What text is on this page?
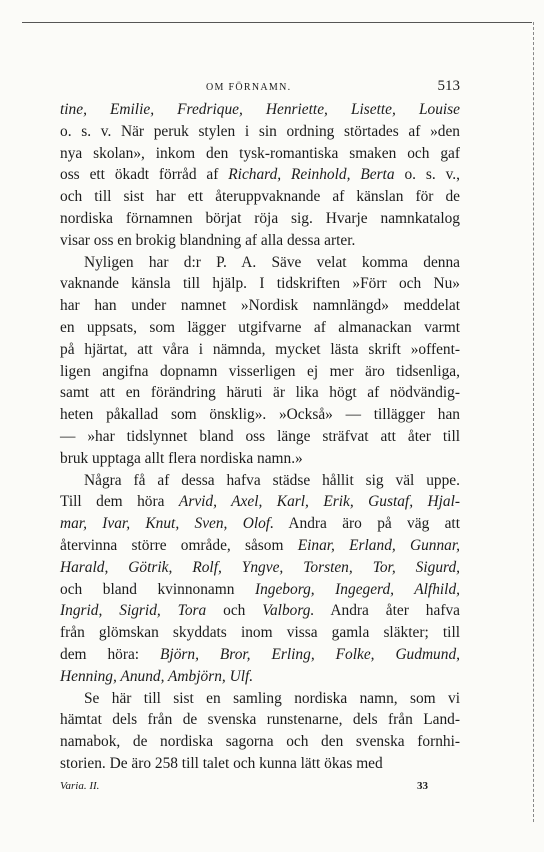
OM FÖRNAMN.	513
tine, Emilie, Fredrique, Henriette, Lisette, Louise
o. s. v. När peruk stylen i sin ordning störtades af »den
nya skolan», inkom den tysk-romantiska smaken och gaf
oss ett ökadt förråd af Richard, Reinhold, Berta o. s. v.,
och till sist har ett återuppvaknande af känslan för de
nordiska förnamnen börjat röja sig. Hvarje namnkatalog
visar oss en brokig blandning af alla dessa arter.
Nyligen har d:r P. A. Säve velat komma denna
vaknande känsla till hjälp. I tidskriften »Förr och Nu»
har han under namnet »Nordisk namnlängd» meddelat
en uppsats, som lägger utgifvarne af almanackan varmt
på hjärtat, att våra i nämnda, mycket lästa skrift »offent-
ligen angifna dopnamn visserligen ej mer äro tidsenliga,
samt att en förändring häruti är lika högt af nödvändig-
heten påkallad som önsklig». »Också» — tillägger han
— »har tidslynnet bland oss länge sträfvat att åter till
bruk upptaga allt flera nordiska namn.»
Några få af dessa hafva städse hållit sig väl uppe.
Till dem höra Arvid, Axel, Karl, Erik, Gustaf, Hjal-
mar, Ivar, Knut, Sven, Olof. Andra äro på väg att
återvinna större område, såsom Einar, Erland, Gunnar,
Harald, Götrik, Rolf, Yngve, Torsten, Tor, Sigurd,
och bland kvinnonamn Ingeborg, Ingegerd, Alfhild,
Ingrid, Sigrid, Tora och Valborg. Andra åter hafva
från glömskan skyddats inom vissa gamla släkter; till
dem höra: Björn, Bror, Erling, Folke, Gudmund,
Henning, Anund, Ambjörn, Ulf.
Se här till sist en samling nordiska namn, som vi
hämtat dels från de svenska runstenarne, dels från Land-
namabok, de nordiska sagorna och den svenska fornhi-
storien. De äro 258 till talet och kunna lätt ökas med
Varia. II.	33
